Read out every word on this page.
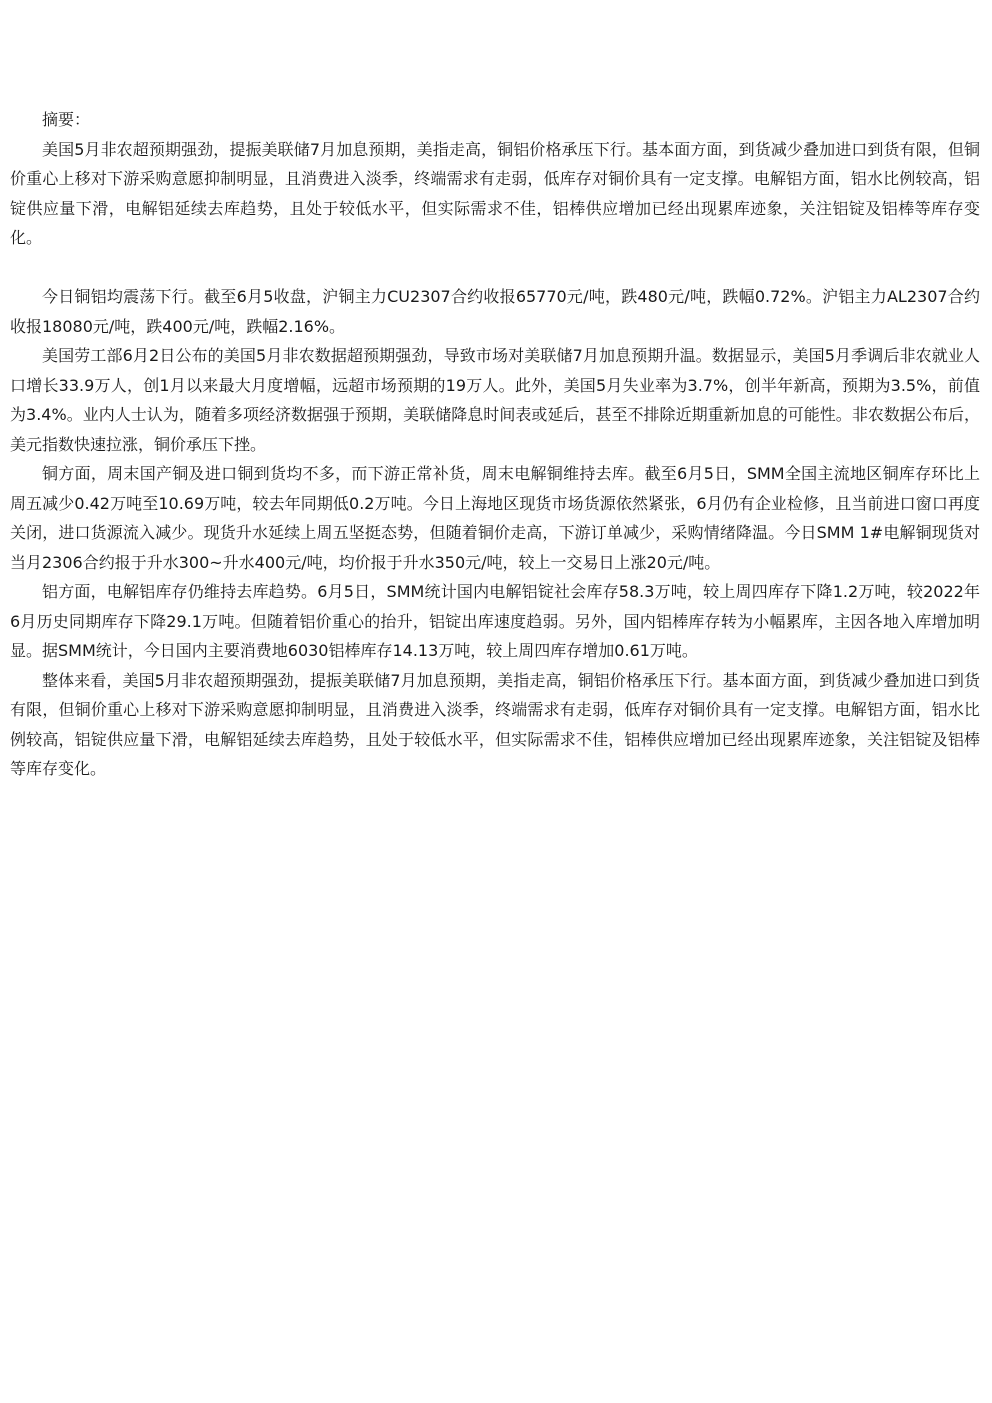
摘要：

美国5月非农超预期强劲，提振美联储7月加息预期，美指走高，铜铝价格承压下行。基本面方面，到货减少叠加进口到货有限，但铜价重心上移对下游采购意愿抑制明显，且消费进入淡季，终端需求有走弱，低库存对铜价具有一定支撑。电解铝方面，铝水比例较高，铝锭供应量下滑，电解铝延续去库趋势，且处于较低水平，但实际需求不佳，铝棒供应增加已经出现累库迹象，关注铝锭及铝棒等库存变化。

今日铜铝均震荡下行。截至6月5收盘，沪铜主力CU2307合约收报65770元/吨，跌480元/吨，跌幅0.72%。沪铝主力AL2307合约收报18080元/吨，跌400元/吨，跌幅2.16%。

美国劳工部6月2日公布的美国5月非农数据超预期强劲，导致市场对美联储7月加息预期升温。数据显示，美国5月季调后非农就业人口增长33.9万人，创1月以来最大月度增幅，远超市场预期的19万人。此外，美国5月失业率为3.7%，创半年新高，预期为3.5%，前值为3.4%。业内人士认为，随着多项经济数据强于预期，美联储降息时间表或延后，甚至不排除近期重新加息的可能性。非农数据公布后，美元指数快速拉涨，铜价承压下挫。

铜方面，周末国产铜及进口铜到货均不多，而下游正常补货，周末电解铜维持去库。截至6月5日，SMM全国主流地区铜库存环比上周五减少0.42万吨至10.69万吨，较去年同期低0.2万吨。今日上海地区现货市场货源依然紧张，6月仍有企业检修，且当前进口窗口再度关闭，进口货源流入减少。现货升水延续上周五坚挺态势，但随着铜价走高，下游订单减少，采购情绪降温。今日SMM 1#电解铜现货对当月2306合约报于升水300~升水400元/吨，均价报于升水350元/吨，较上一交易日上涨20元/吨。

铝方面，电解铝库存仍维持去库趋势。6月5日，SMM统计国内电解铝锭社会库存58.3万吨，较上周四库存下降1.2万吨，较2022年6月历史同期库存下降29.1万吨。但随着铝价重心的抬升，铝锭出库速度趋弱。另外，国内铝棒库存转为小幅累库，主因各地入库增加明显。据SMM统计，今日国内主要消费地6030铝棒库存14.13万吨，较上周四库存增加0.61万吨。

整体来看，美国5月非农超预期强劲，提振美联储7月加息预期，美指走高，铜铝价格承压下行。基本面方面，到货减少叠加进口到货有限，但铜价重心上移对下游采购意愿抑制明显，且消费进入淡季，终端需求有走弱，低库存对铜价具有一定支撑。电解铝方面，铝水比例较高，铝锭供应量下滑，电解铝延续去库趋势，且处于较低水平，但实际需求不佳，铝棒供应增加已经出现累库迹象，关注铝锭及铝棒等库存变化。
